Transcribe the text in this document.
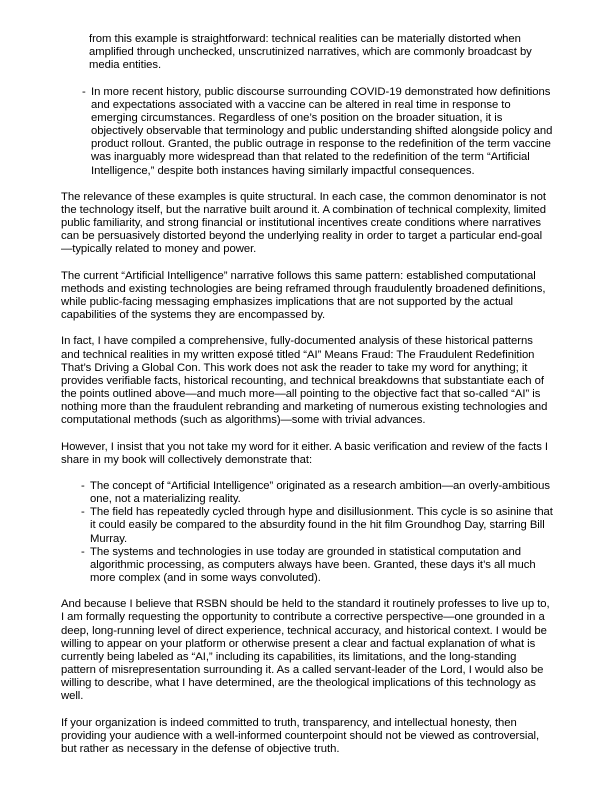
from this example is straightforward: technical realities can be materially distorted when amplified through unchecked, unscrutinized narratives, which are commonly broadcast by media entities.

- In more recent history, public discourse surrounding COVID-19 demonstrated how definitions and expectations associated with a vaccine can be altered in real time in response to emerging circumstances. Regardless of one’s position on the broader situation, it is objectively observable that terminology and public understanding shifted alongside policy and product rollout. Granted, the public outrage in response to the redefinition of the term vaccine was inarguably more widespread than that related to the redefinition of the term “Artificial Intelligence,” despite both instances having similarly impactful consequences.

The relevance of these examples is quite structural. In each case, the common denominator is not the technology itself, but the narrative built around it. A combination of technical complexity, limited public familiarity, and strong financial or institutional incentives create conditions where narratives can be persuasively distorted beyond the underlying reality in order to target a particular end-goal—typically related to money and power.

The current “Artificial Intelligence” narrative follows this same pattern: established computational methods and existing technologies are being reframed through fraudulently broadened definitions, while public-facing messaging emphasizes implications that are not supported by the actual capabilities of the systems they are encompassed by.

In fact, I have compiled a comprehensive, fully-documented analysis of these historical patterns and technical realities in my written exposé titled “AI” Means Fraud: The Fraudulent Redefinition That’s Driving a Global Con. This work does not ask the reader to take my word for anything; it provides verifiable facts, historical recounting, and technical breakdowns that substantiate each of the points outlined above—and much more—all pointing to the objective fact that so-called “AI” is nothing more than the fraudulent rebranding and marketing of numerous existing technologies and computational methods (such as algorithms)—some with trivial advances.

However, I insist that you not take my word for it either. A basic verification and review of the facts I share in my book will collectively demonstrate that:

- The concept of “Artificial Intelligence” originated as a research ambition—an overly-ambitious one, not a materializing reality.
- The field has repeatedly cycled through hype and disillusionment. This cycle is so asinine that it could easily be compared to the absurdity found in the hit film Groundhog Day, starring Bill Murray.
- The systems and technologies in use today are grounded in statistical computation and algorithmic processing, as computers always have been. Granted, these days it’s all much more complex (and in some ways convoluted).

And because I believe that RSBN should be held to the standard it routinely professes to live up to, I am formally requesting the opportunity to contribute a corrective perspective—one grounded in a deep, long-running level of direct experience, technical accuracy, and historical context. I would be willing to appear on your platform or otherwise present a clear and factual explanation of what is currently being labeled as “AI,” including its capabilities, its limitations, and the long-standing pattern of misrepresentation surrounding it. As a called servant-leader of the Lord, I would also be willing to describe, what I have determined, are the theological implications of this technology as well.

If your organization is indeed committed to truth, transparency, and intellectual honesty, then providing your audience with a well-informed counterpoint should not be viewed as controversial, but rather as necessary in the defense of objective truth.
